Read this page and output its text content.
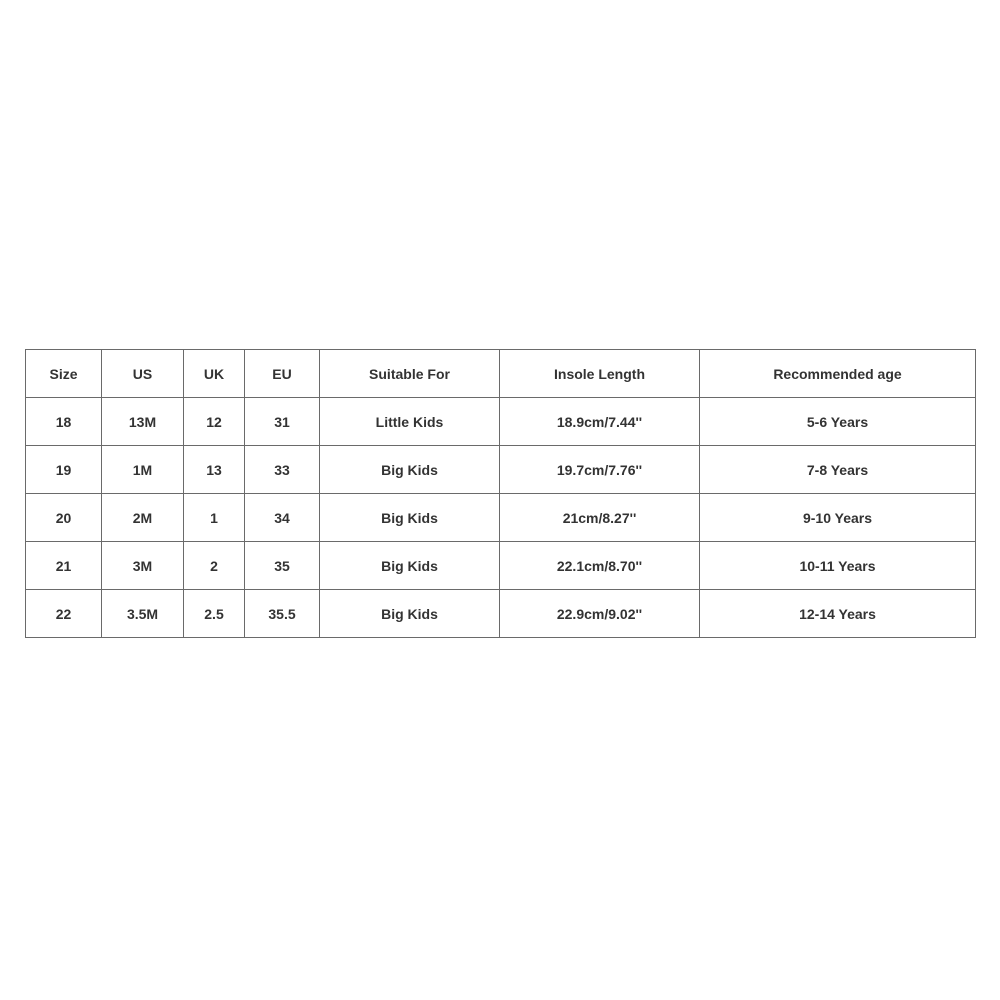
Size	US	UK	EU	Suitable For	Insole Length	Recommended age
18	13M	12	31	Little Kids	18.9cm/7.44''	5-6 Years
19	1M	13	33	Big Kids	19.7cm/7.76''	7-8 Years
20	2M	1	34	Big Kids	21cm/8.27''	9-10 Years
21	3M	2	35	Big Kids	22.1cm/8.70''	10-11 Years
22	3.5M	2.5	35.5	Big Kids	22.9cm/9.02''	12-14 Years
